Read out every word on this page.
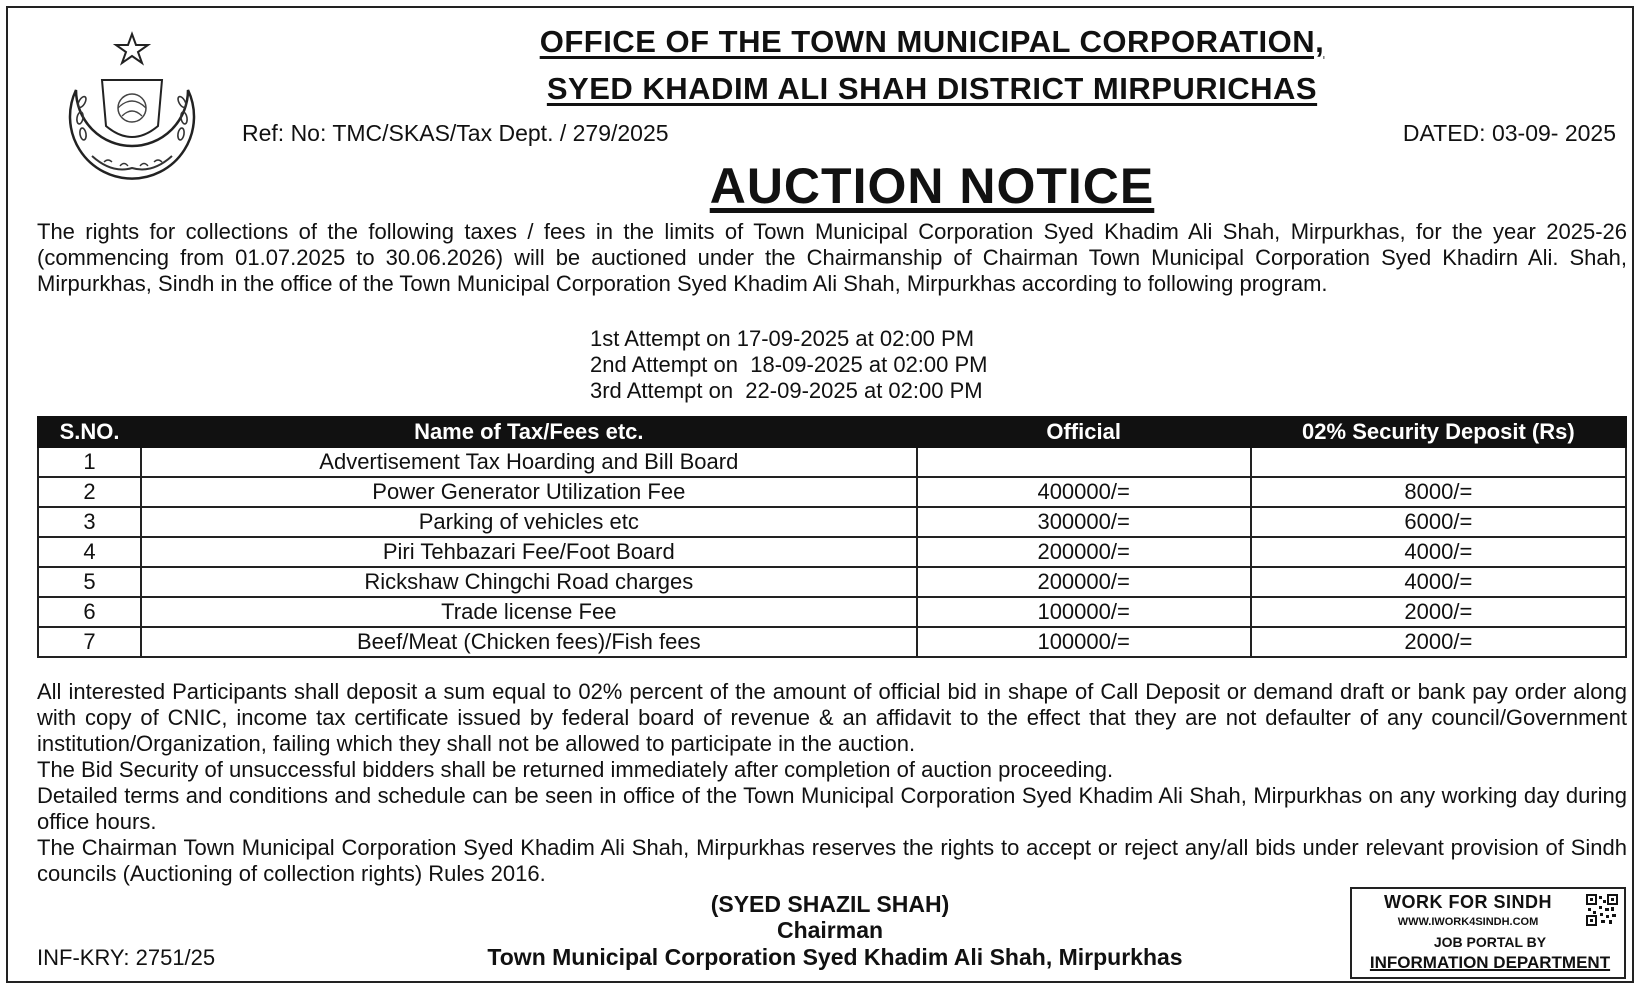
OFFICE OF THE TOWN MUNICIPAL CORPORATION,
SYED KHADIM ALI SHAH DISTRICT MIRPURICHAS
Ref: No: TMC/SKAS/Tax Dept. / 279/2025	DATED: 03-09- 2025
AUCTION NOTICE

The rights for collections of the following taxes / fees in the limits of Town Municipal Corporation Syed Khadim Ali Shah, Mirpurkhas, for the year 2025-26 (commencing from 01.07.2025 to 30.06.2026) will be auctioned under the Chairmanship of Chairman Town Municipal Corporation Syed Khadirn Ali. Shah, Mirpurkhas, Sindh in the office of the Town Municipal Corporation Syed Khadim Ali Shah, Mirpurkhas according to following program.

1st Attempt on 17-09-2025 at 02:00 PM
2nd Attempt on  18-09-2025 at 02:00 PM
3rd Attempt on  22-09-2025 at 02:00 PM
S.NO.	Name of Tax/Fees etc.	Official	02% Security Deposit (Rs)
1	Advertisement Tax Hoarding and Bill Board		
2	Power Generator Utilization Fee	400000/=	8000/=
3	Parking of vehicles etc	300000/=	6000/=
4	Piri Tehbazari Fee/Foot Board	200000/=	4000/=
5	Rickshaw Chingchi Road charges	200000/=	4000/=
6	Trade license Fee	100000/=	2000/=
7	Beef/Meat (Chicken fees)/Fish fees	100000/=	2000/=

All interested Participants shall deposit a sum equal to 02% percent of the amount of official bid in shape of Call Deposit or demand draft or bank pay order along with copy of CNIC, income tax certificate issued by federal board of revenue & an affidavit to the effect that they are not defaulter of any council/Government institution/Organization, failing which they shall not be allowed to participate in the auction.

The Bid Security of unsuccessful bidders shall be returned immediately after completion of auction proceeding.

Detailed terms and conditions and schedule can be seen in office of the Town Municipal Corporation Syed Khadim Ali Shah, Mirpurkhas on any working day during office hours.

The Chairman Town Municipal Corporation Syed Khadim Ali Shah, Mirpurkhas reserves the rights to accept or reject any/all bids under relevant provision of Sindh councils (Auctioning of collection rights) Rules 2016.

(SYED SHAZIL SHAH)
Chairman
Town Municipal Corporation Syed Khadim Ali Shah, Mirpurkhas
INF-KRY: 2751/25
WORK FOR SINDH
WWW.IWORK4SINDH.COM
JOB PORTAL BY
INFORMATION DEPARTMENT
